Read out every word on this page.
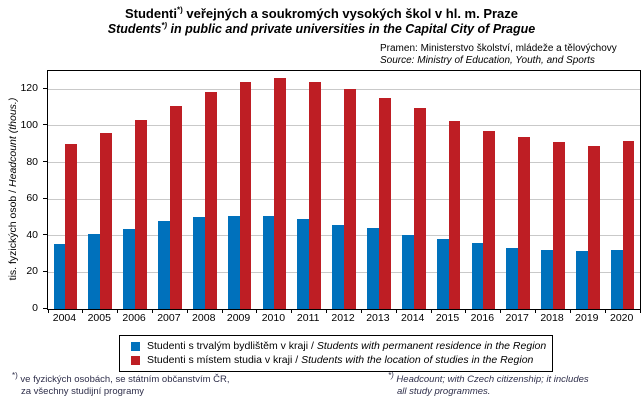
Studenti*) veřejných a soukromých vysokých škol v hl. m. Praze
Students*) in public and private universities in the Capital City of Prague
Pramen: Ministerstvo školství, mládeže a tělovýchovy
Source: Ministry of Education, Youth, and Sports
tis. fyzických osob / Headcount (thous.)
0
20
40
60
80
100
120
2004	2005	2006	2007	2008	2009	2010	2011	2012	2013	2014	2015	2016	2017	2018	2019	2020
Studenti s trvalým bydlištěm v kraji / Students with permanent residence in the Region
Studenti s místem studia v kraji / Students with the location of studies in the Region
*) ve fyzických osobách, se státním občanstvím ČR,
za všechny studijní programy
*) Headcount; with Czech citizenship; it includes
all study programmes.
